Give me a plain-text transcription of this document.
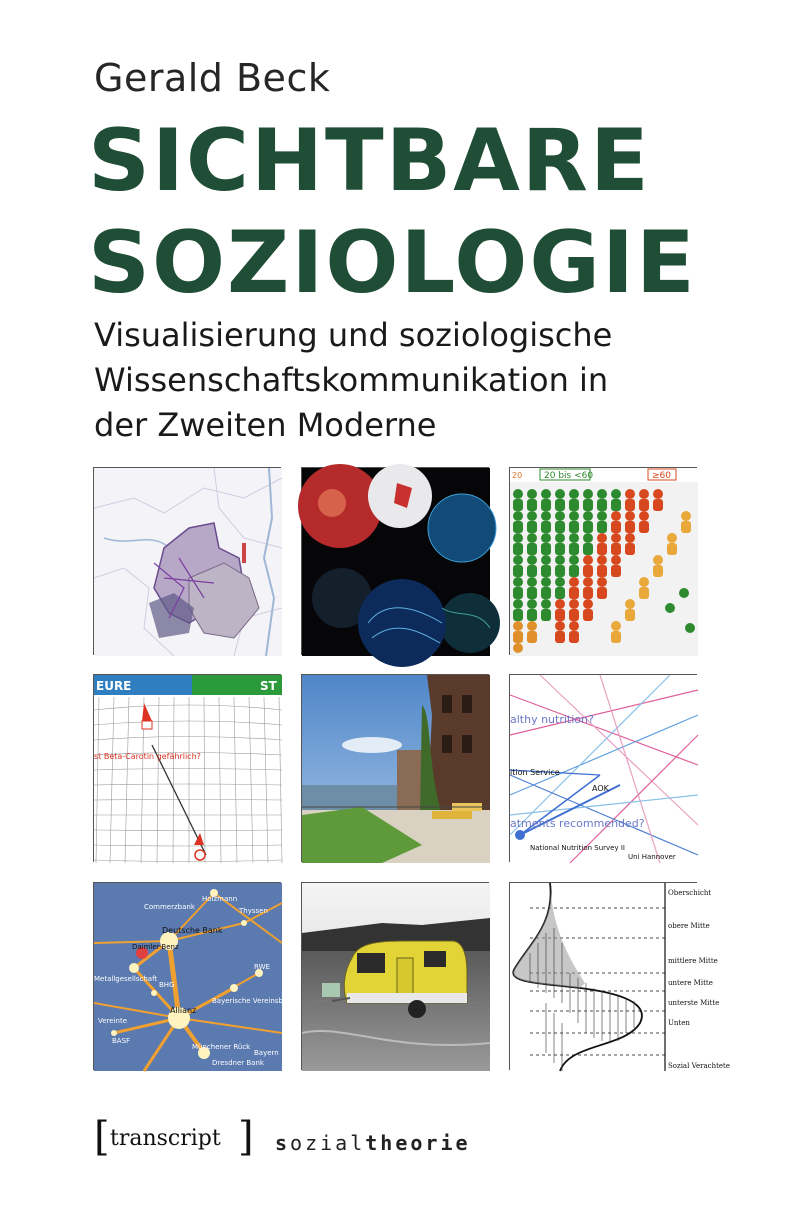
Gerald Beck
SICHTBARE
SOZIOLOGIE
Visualisierung und soziologische
Wissenschaftskommunikation in
der Zweiten Moderne
20 20 bis <60	≥60
EURE	ST
st Beta-Carotin gefährlich?
althy nutrition?
ition Service
AOK
atments recommended?
National Nutrition Survey II
Uni Hannover
Holzmann
Commerzbank	Thyssen
Deutsche Bank
Daimler-Benz
RWE
Metallgesellschaft
BHG
Bayerische Vereinsbk
Vereinte
Allianz
BASF
Münchener Rück
Dresdner Bank
Bayern
Oberschicht
obere Mitte
mittlere Mitte
untere Mitte
unterste Mitte
Unten
Sozial Verachtete
[ transcript ] sozialtheorie
